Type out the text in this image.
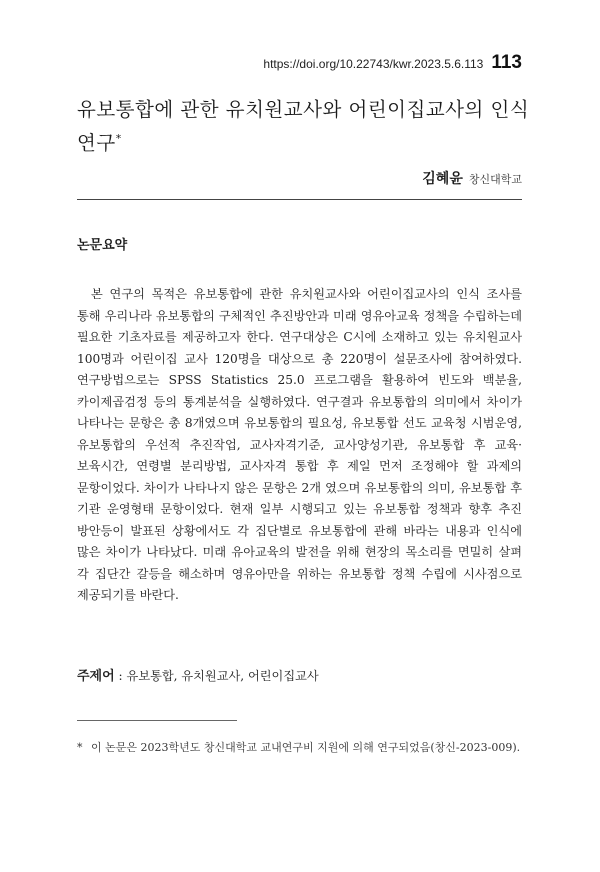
https://doi.org/10.22743/kwr.2023.5.6.113 113
유보통합에 관한 유치원교사와 어린이집교사의 인식연구*
김혜윤 창신대학교
논문요약

본 연구의 목적은 유보통합에 관한 유치원교사와 어린이집교사의 인식 조사를 통해 우리나라 유보통합의 구체적인 추진방안과 미래 영유아교육 정책을 수립하는데 필요한 기초자료를 제공하고자 한다. 연구대상은 C시에 소재하고 있는 유치원교사 100명과 어린이집 교사 120명을 대상으로 총 220명이 설문조사에 참여하였다. 연구방법으로는 SPSS Statistics 25.0 프로그램을 활용하여 빈도와 백분율, 카이제곱검정 등의 통계분석을 실행하였다. 연구결과 유보통합의 의미에서 차이가 나타나는 문항은 총 8개였으며 유보통합의 필요성, 유보통합 선도 교육청 시범운영, 유보통합의 우선적 추진작업, 교사자격기준, 교사양성기관, 유보통합 후 교육·보육시간, 연령별 분리방법, 교사자격 통합 후 제일 먼저 조정해야 할 과제의 문항이었다. 차이가 나타나지 않은 문항은 2개 였으며 유보통합의 의미, 유보통합 후 기관 운영형태 문항이었다. 현재 일부 시행되고 있는 유보통합 정책과 향후 추진 방안등이 발표된 상황에서도 각 집단별로 유보통합에 관해 바라는 내용과 인식에 많은 차이가 나타났다. 미래 유아교육의 발전을 위해 현장의 목소리를 면밀히 살펴 각 집단간 갈등을 해소하며 영유아만을 위하는 유보통합 정책 수립에 시사점으로 제공되기를 바란다.

주제어 : 유보통합, 유치원교사, 어린이집교사
* 이 논문은 2023학년도 창신대학교 교내연구비 지원에 의해 연구되었음(창신-2023-009).
